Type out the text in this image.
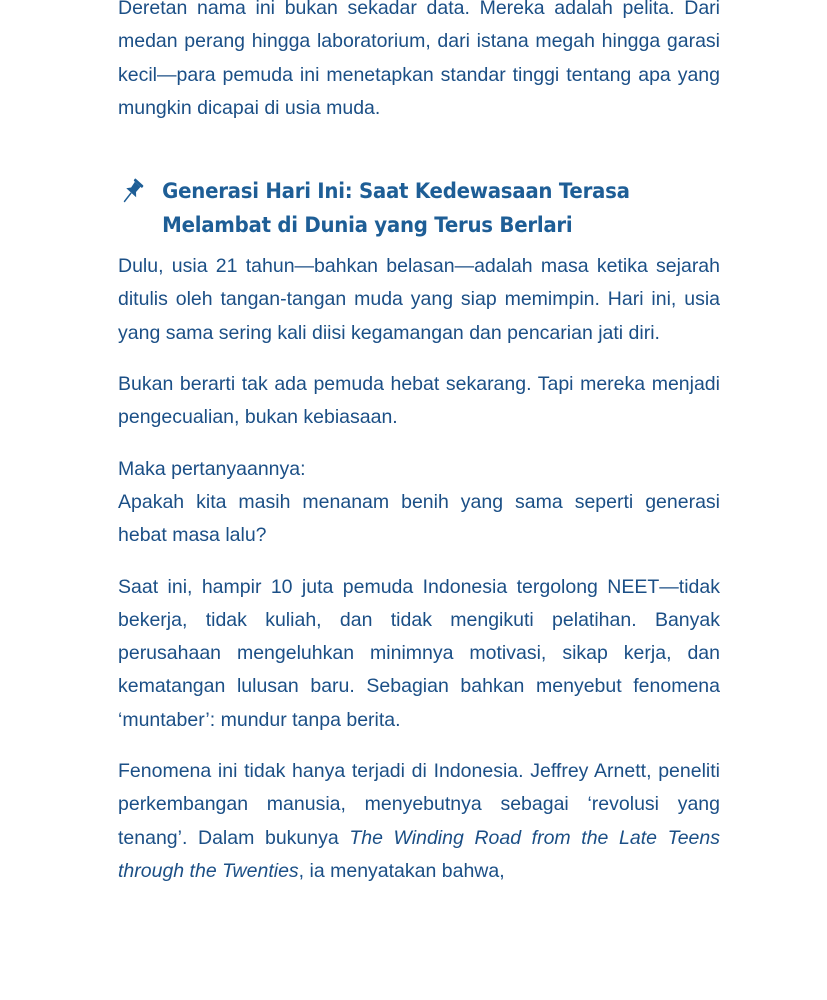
Deretan nama ini bukan sekadar data. Mereka adalah pelita. Dari medan perang hingga laboratorium, dari istana megah hingga garasi kecil—para pemuda ini menetapkan standar tinggi tentang apa yang mungkin dicapai di usia muda.

Generasi Hari Ini: Saat Kedewasaan Terasa
Melambat di Dunia yang Terus Berlari

Dulu, usia 21 tahun—bahkan belasan—adalah masa ketika sejarah ditulis oleh tangan-tangan muda yang siap memimpin. Hari ini, usia yang sama sering kali diisi kegamangan dan pencarian jati diri.

Bukan berarti tak ada pemuda hebat sekarang. Tapi mereka menjadi pengecualian, bukan kebiasaan.

Maka pertanyaannya:

Apakah kita masih menanam benih yang sama seperti generasi hebat masa lalu?

Saat ini, hampir 10 juta pemuda Indonesia tergolong NEET—tidak bekerja, tidak kuliah, dan tidak mengikuti pelatihan. Banyak perusahaan mengeluhkan minimnya motivasi, sikap kerja, dan kematangan lulusan baru. Sebagian bahkan menyebut fenomena ‘muntaber’: mundur tanpa berita.

Fenomena ini tidak hanya terjadi di Indonesia. Jeffrey Arnett, peneliti perkembangan manusia, menyebutnya sebagai ‘revolusi yang tenang’. Dalam bukunya The Winding Road from the Late Teens through the Twenties, ia menyatakan bahwa,
